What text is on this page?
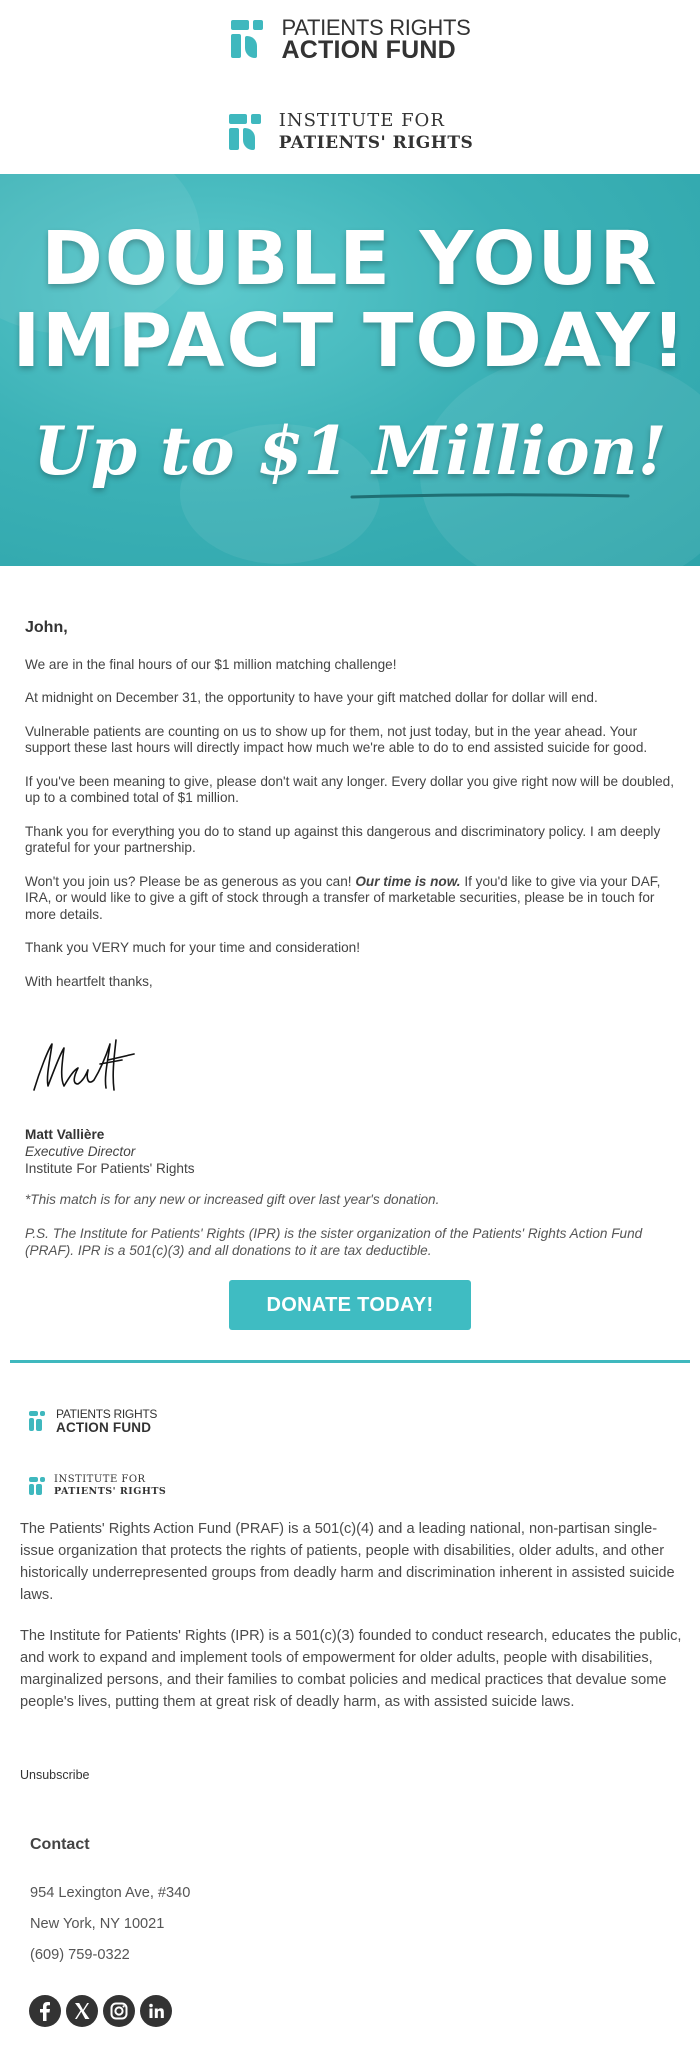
PATIENTS RIGHTS
ACTION FUND
INSTITUTE FOR
PATIENTS' RIGHTS
DOUBLE YOUR
IMPACT TODAY!
Up to $1 Million!

John,

We are in the final hours of our $1 million matching challenge!

At midnight on December 31, the opportunity to have your gift matched dollar for dollar will end.

Vulnerable patients are counting on us to show up for them, not just today, but in the year ahead. Your support these last hours will directly impact how much we're able to do to end assisted suicide for good.

If you've been meaning to give, please don't wait any longer. Every dollar you give right now will be doubled, up to a combined total of $1 million.

Thank you for everything you do to stand up against this dangerous and discriminatory policy. I am deeply grateful for your partnership.

Won't you join us? Please be as generous as you can! Our time is now. If you'd like to give via your DAF, IRA, or would like to give a gift of stock through a transfer of marketable securities, please be in touch for more details.

Thank you VERY much for your time and consideration!

With heartfelt thanks,

Matt Vallière
Executive Director
Institute For Patients' Rights
*This match is for any new or increased gift over last year's donation.
P.S. The Institute for Patients' Rights (IPR) is the sister organization of the Patients' Rights Action Fund (PRAF). IPR is a 501(c)(3) and all donations to it are tax deductible.
DONATE TODAY!
PATIENTS RIGHTS
ACTION FUND
INSTITUTE FOR
PATIENTS' RIGHTS
The Patients' Rights Action Fund (PRAF) is a 501(c)(4) and a leading national, non-partisan single-issue organization that protects the rights of patients, people with disabilities, older adults, and other historically underrepresented groups from deadly harm and discrimination inherent in assisted suicide laws.
The Institute for Patients' Rights (IPR) is a 501(c)(3) founded to conduct research, educates the public, and work to expand and implement tools of empowerment for older adults, people with disabilities, marginalized persons, and their families to combat policies and medical practices that devalue some people's lives, putting them at great risk of deadly harm, as with assisted suicide laws.
Unsubscribe
Contact
954 Lexington Ave, #340
New York, NY 10021
(609) 759-0322
